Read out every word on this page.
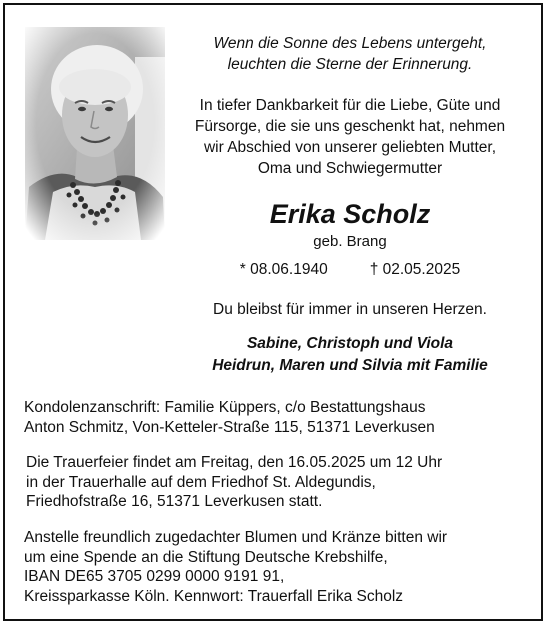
Wenn die Sonne des Lebens untergeht,
leuchten die Sterne der Erinnerung.
In tiefer Dankbarkeit für die Liebe, Güte und
Fürsorge, die sie uns geschenkt hat, nehmen
wir Abschied von unserer geliebten Mutter,
Oma und Schwiegermutter
Erika Scholz
geb. Brang
* 08.06.1940	† 02.05.2025
Du bleibst für immer in unseren Herzen.
Sabine, Christoph und Viola
Heidrun, Maren und Silvia mit Familie
Kondolenzanschrift: Familie Küppers, c/o Bestattungshaus
Anton Schmitz, Von-Ketteler-Straße 115, 51371 Leverkusen
Die Trauerfeier findet am Freitag, den 16.05.2025 um 12 Uhr
in der Trauerhalle auf dem Friedhof St. Aldegundis,
Friedhofstraße 16, 51371 Leverkusen statt.
Anstelle freundlich zugedachter Blumen und Kränze bitten wir
um eine Spende an die Stiftung Deutsche Krebshilfe,
IBAN DE65 3705 0299 0000 9191 91,
Kreissparkasse Köln. Kennwort: Trauerfall Erika Scholz
